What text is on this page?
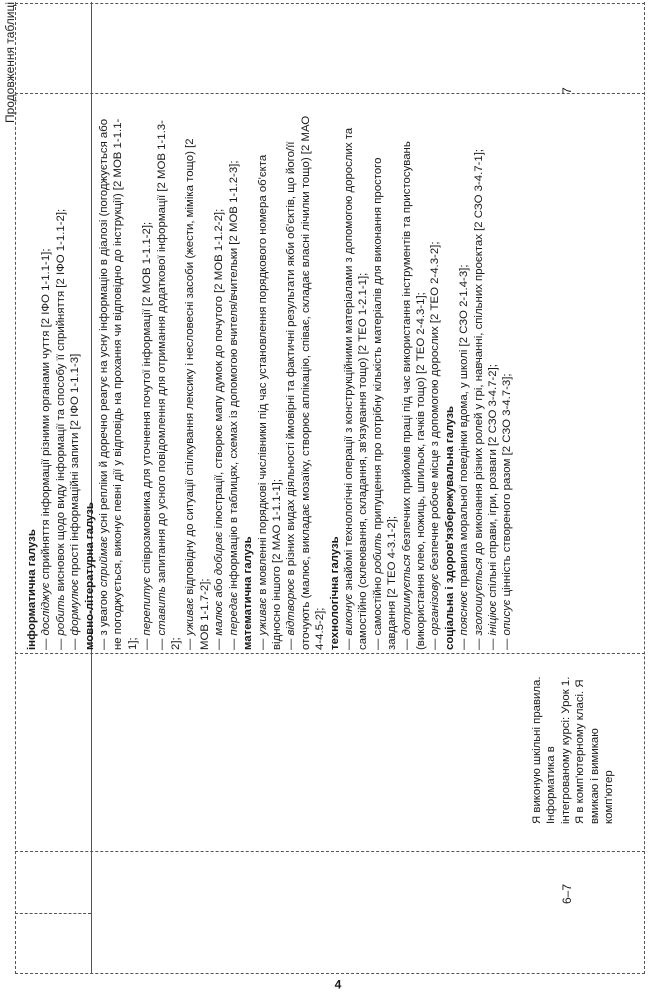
Продовження таблиці
4
6–7
Я виконую шкільні правила. Інформатика в інтегрованому курсі: Урок 1. Я в комп'ютерному класі. Я вмикаю і вимикаю комп'ютер
7

інформатична галузь — досліджує сприйняття інформації різними органами чуття [2 ІФО 1-1.1-1];

— робить висновок щодо виду інформації та способу її сприйняття [2 ІФО 1-1.1-2];

— формулює прості інформаційні запити [2 ІФО 1-1.1-3] мовно-літературна галузь — з увагою сприймає усні репліки й доречно реагує на усну інформацію в діалозі (погоджується або не погоджується, виконує певні дії у відповідь на прохання чи відповідно до інструкції) [2 МОВ 1-1.1-1]; — перепитує співрозмовника для уточнення почутої інформації [2 МОВ 1-1.1-2];

— ставить запитання до усного повідомлення для отримання додаткової інформації [2 МОВ 1-1.3-2]; — уживає відповідну до ситуації спілкування лексику і несловесні засоби (жести, міміка тощо) [2 МОВ 1-1.7-2]; — малює або добирає ілюстрації, створює мапу думок до почутого [2 МОВ 1-1.2-2];

— передає інформацію в таблицях, схемах із допомогою вчителя/вчительки [2 МОВ 1-1.2-3];

математична галузь — уживає в мовленні порядкові числівники під час установлення порядкового номера об'єкта відносно іншого [2 МАО 1-1.1-1]; — відтворює в різних видах діяльності ймовірні та фактичні результати якби об'єктів, що його/її оточують (малює, викладає мозаїку, створює аплікацію, співає, складає власні лічилки тощо) [2 МАО 4-4.5-2]; технологічна галузь — виконує знайомі технологічні операції з конструкційними матеріалами з допомогою дорослих та самостійно (склеювання, складання, зв'язування тощо) [2 ТЕО 1-2.1-1]; — самостійно робить припущення про потрібну кількість матеріалів для виконання простого завдання [2 ТЕО 4-3.1-2]; — дотримується безпечних прийомів праці під час використання інструментів та пристосувань (використання клею, ножиць, шпильок, гачків тощо) [2 ТЕО 2-4.3-1]; — організовує безпечне робоче місце з допомогою дорослих [2 ТЕО 2-4.3-2]; соціальна і здоров'язбережувальна галузь — пояснює правила моральної поведінки вдома, у школі [2 СЗО 2-1.4-3];

— зголошується до виконання різних ролей у грі, навчанні, спільних проєктах [2 СЗО 3-4.7-1];

— ініціює спільні справи, ігри, розваги [2 СЗО 3-4.7-2];

— описує цінність створеного разом [2 СЗО 3-4.7-3];
